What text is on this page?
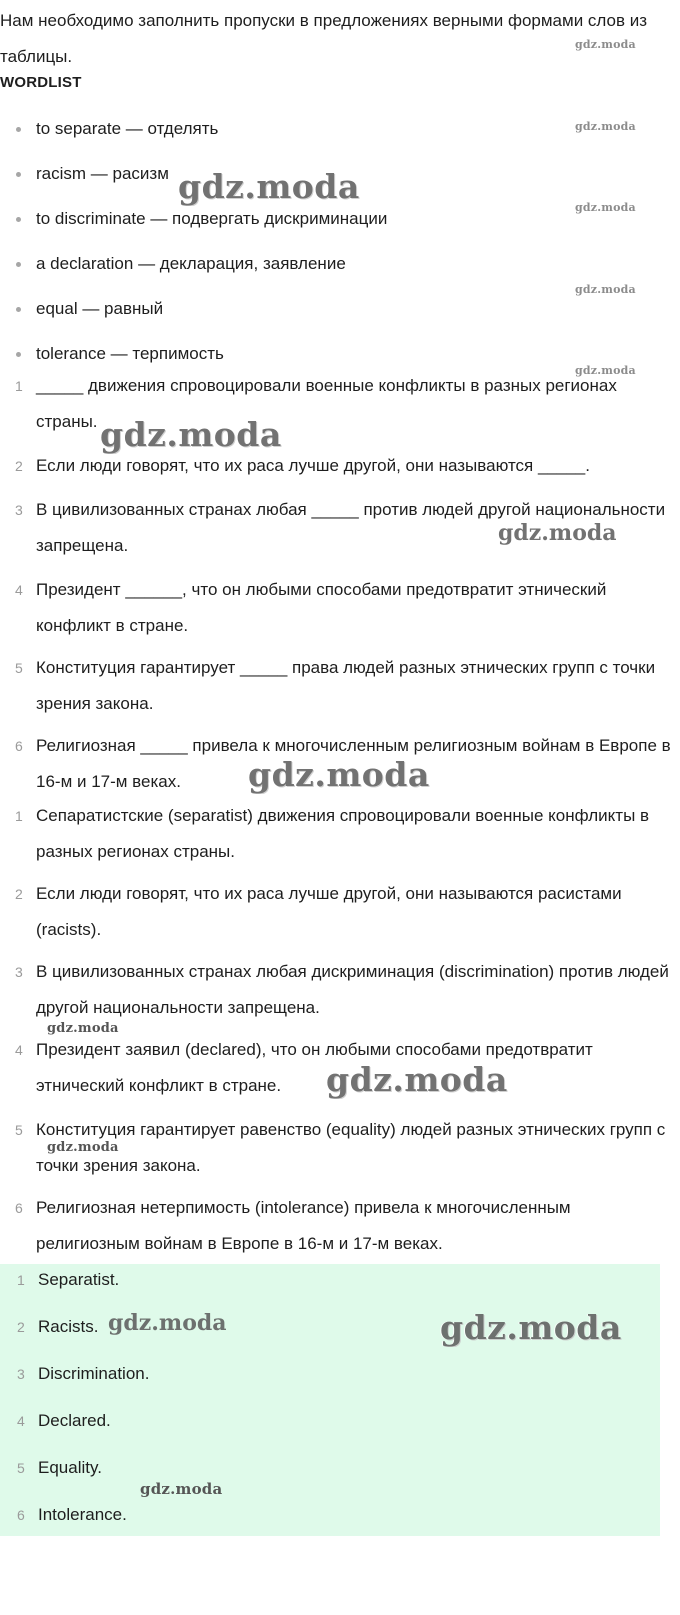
Нам необходимо заполнить пропуски в предложениях верными формами слов из таблицы.

WORDLIST
to separate — отделять
racism — расизм
to discriminate — подвергать дискриминации
a declaration — декларация, заявление
equal — равный
tolerance — терпимость
1 _____ движения спровоцировали военные конфликты в разных регионах страны.
2 Если люди говорят, что их раса лучше другой, они называются _____.
3 В цивилизованных странах любая _____ против людей другой национальности запрещена.
4 Президент ______, что он любыми способами предотвратит этнический конфликт в стране.
5 Конституция гарантирует _____ права людей разных этнических групп с точки зрения закона.
6 Религиозная _____ привела к многочисленным религиозным войнам в Европе в 16-м и 17-м веках.
1 Сепаратистские (separatist) движения спровоцировали военные конфликты в разных регионах страны.
2 Если люди говорят, что их раса лучше другой, они называются расистами (racists).
3 В цивилизованных странах любая дискриминация (discrimination) против людей другой национальности запрещена.
4 Президент заявил (declared), что он любыми способами предотвратит этнический конфликт в стране.
5 Конституция гарантирует равенство (equality) людей разных этнических групп с точки зрения закона.
6 Религиозная нетерпимость (intolerance) привела к многочисленным религиозным войнам в Европе в 16-м и 17-м веках.
1 Separatist.
2 Racists.
3 Discrimination.
4 Declared.
5 Equality.
6 Intolerance.
gdz.moda
gdz.moda
gdz.moda
gdz.moda
gdz.moda
gdz.moda
gdz.moda
gdz.moda
gdz.moda
gdz.moda
gdz.moda
gdz.moda
gdz.moda	gdz.moda
gdz.moda
